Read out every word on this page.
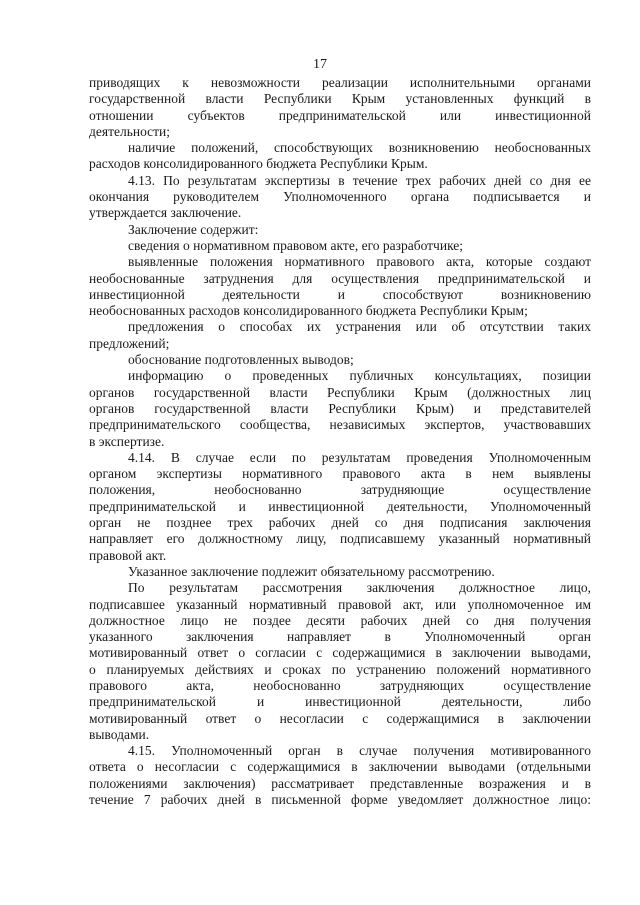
17
приводящих к невозможности реализации исполнительными органами
государственной власти Республики Крым установленных функций в
отношении субъектов предпринимательской или инвестиционной
деятельности;
наличие положений, способствующих возникновению необоснованных
расходов консолидированного бюджета Республики Крым.
4.13. По результатам экспертизы в течение трех рабочих дней со дня ее
окончания руководителем Уполномоченного органа подписывается и
утверждается заключение.
Заключение содержит:
сведения о нормативном правовом акте, его разработчике;
выявленные положения нормативного правового акта, которые создают
необоснованные затруднения для осуществления предпринимательской и
инвестиционной деятельности и способствуют возникновению
необоснованных расходов консолидированного бюджета Республики Крым;
предложения о способах их устранения или об отсутствии таких
предложений;
обоснование подготовленных выводов;
информацию о проведенных публичных консультациях, позиции
органов государственной власти Республики Крым (должностных лиц
органов государственной власти Республики Крым) и представителей
предпринимательского сообщества, независимых экспертов, участвовавших
в экспертизе.
4.14. В случае если по результатам проведения Уполномоченным
органом экспертизы нормативного правового акта в нем выявлены
положения, необоснованно затрудняющие осуществление
предпринимательской и инвестиционной деятельности, Уполномоченный
орган не позднее трех рабочих дней со дня подписания заключения
направляет его должностному лицу, подписавшему указанный нормативный
правовой акт.
Указанное заключение подлежит обязательному рассмотрению.
По результатам рассмотрения заключения должностное лицо,
подписавшее указанный нормативный правовой акт, или уполномоченное им
должностное лицо не поздее десяти рабочих дней со дня получения
указанного заключения направляет в Уполномоченный орган
мотивированный ответ о согласии с содержащимися в заключении выводами,
о планируемых действиях и сроках по устранению положений нормативного
правового акта, необоснованно затрудняющих осуществление
предпринимательской и инвестиционной деятельности, либо
мотивированный ответ о несогласии с содержащимися в заключении
выводами.
4.15. Уполномоченный орган в случае получения мотивированного
ответа о несогласии с содержащимися в заключении выводами (отдельными
положениями заключения) рассматривает представленные возражения и в
течение 7 рабочих дней в письменной форме уведомляет должностное лицо:
